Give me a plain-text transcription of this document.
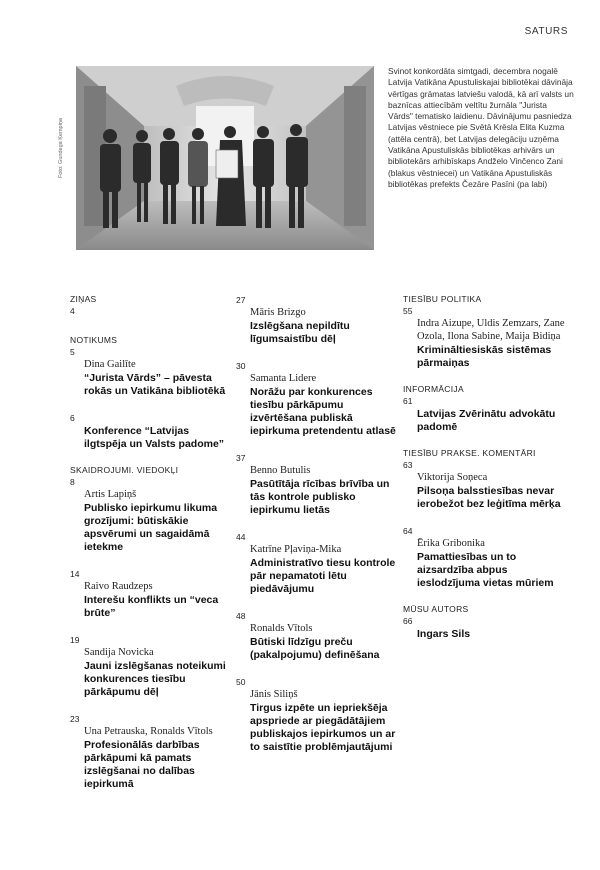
SATURS
Foto: Gundega Ķempiņa
Svinot konkordāta simtgadi, decembra nogalē Latvija Vatikāna Apustuliskajai bibliotēkai dāvināja vērtīgas grāmatas latviešu valodā, kā arī valsts un baznīcas attiecībām veltītu žurnāla "Jurista Vārds" tematisko laidienu. Dāvinājumu pasniedza Latvijas vēstniece pie Svētā Krēsla Elita Kuzma (attēla centrā), bet Latvijas delegāciju uzņēma Vatikāna Apustuliskās bibliotēkas arhivārs un bibliotekārs arhibīskaps Andželo Vinčenco Zani (blakus vēstniecei) un Vatikāna Apustuliskās bibliotēkas prefekts Čezāre Pasīni (pa labi)
ZIŅAS
4
NOTIKUMS
5
Dina Gailīte
“Jurista Vārds” – pāvesta rokās un Vatikāna bibliotēkā
6
Konference “Latvijas ilgtspēja un Valsts padome”
SKAIDROJUMI. VIEDOKĻI
8
Artis Lapiņš
Publisko iepirkumu likuma grozījumi: būtiskākie apsvērumi un sagaidāmā ietekme
14
Raivo Raudzeps
Interešu konflikts un “veca brūte”
19
Sandija Novicka
Jauni izslēgšanas noteikumi konkurences tiesību pārkāpumu dēļ
23
Una Petrauska, Ronalds Vītols
Profesionālās darbības pārkāpumi kā pamats izslēgšanai no dalības iepirkumā
27
Māris Brizgo
Izslēgšana nepildītu līgumsaistību dēļ
30
Samanta Lidere
Norāžu par konkurences tiesību pārkāpumu izvērtēšana publiskā iepirkuma pretendentu atlasē
37
Benno Butulis
Pasūtītāja rīcības brīvība un tās kontrole publisko iepirkumu lietās
44
Katrīne Pļaviņa-Mika
Administratīvo tiesu kontrole pār nepamatoti lētu piedāvājumu
48
Ronalds Vītols
Būtiski līdzīgu preču (pakalpojumu) definēšana
50
Jānis Siliņš
Tirgus izpēte un iepriekšēja apspriede ar piegādātājiem publiskajos iepirkumos un ar to saistītie problēmjautājumi
TIESĪBU POLITIKA
55
Indra Aizupe, Uldis Zemzars, Zane Ozola, Ilona Sabine, Maija Bidiņa
Krimināltiesiskās sistēmas pārmaiņas
INFORMĀCIJA
61
Latvijas Zvērinātu advokātu padomē
TIESĪBU PRAKSE. KOMENTĀRI
63
Viktorija Soņeca
Pilsoņa balsstiesības nevar ierobežot bez leģitīma mērķa
64
Ērika Gribonika
Pamattiesības un to aizsardzība abpus ieslodzījuma vietas mūriem
MŪSU AUTORS
66
Ingars Sils
